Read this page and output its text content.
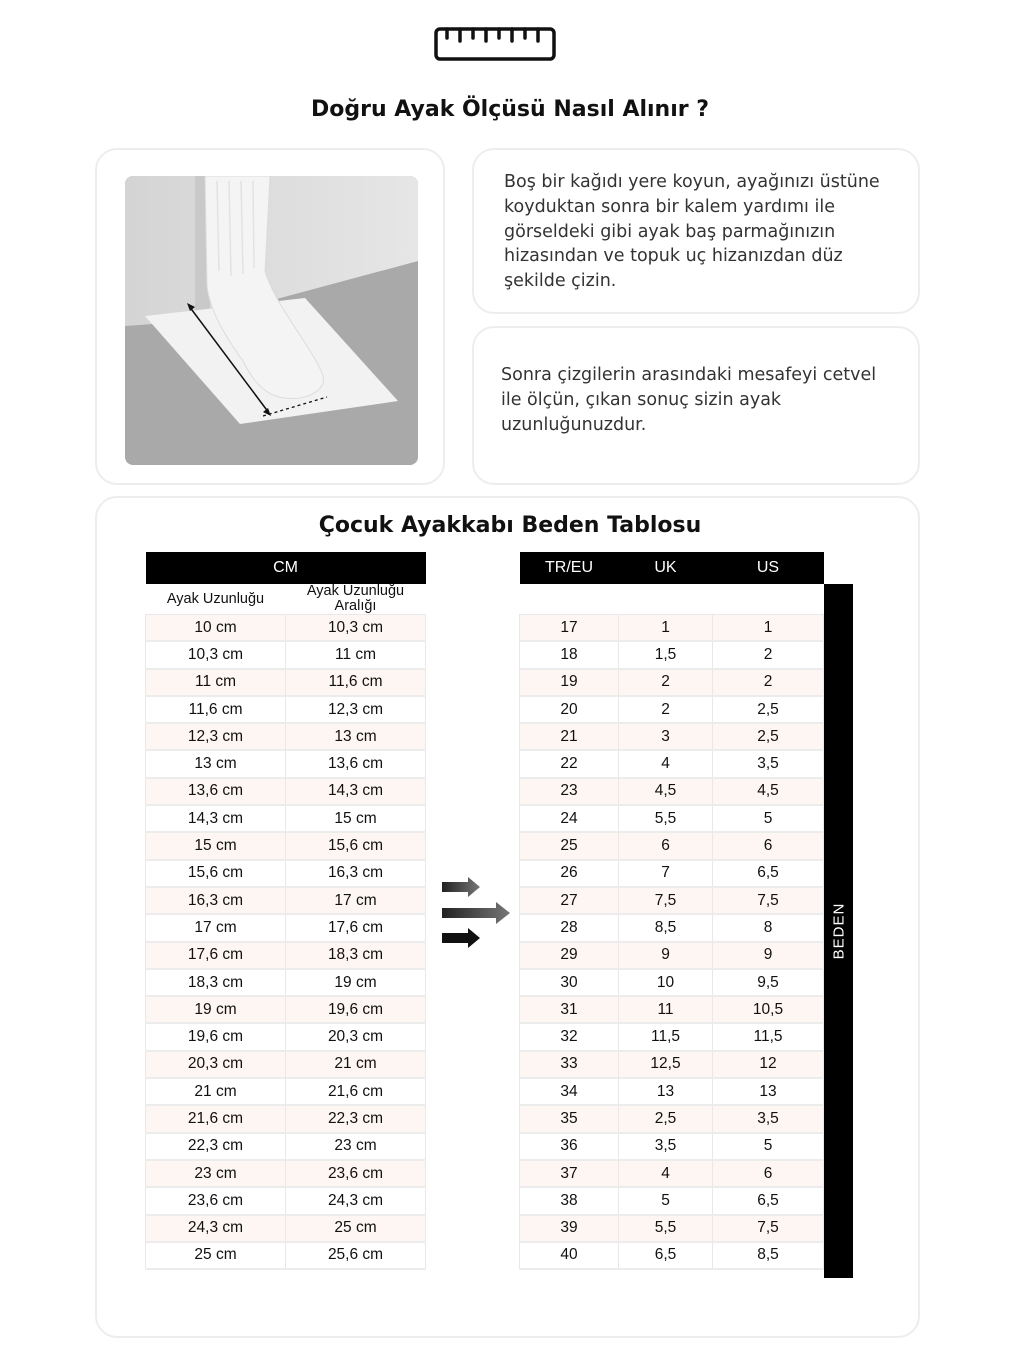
Doğru Ayak Ölçüsü Nasıl Alınır ?
Boş bir kağıdı yere koyun, ayağınızı üstüne koyduktan sonra bir kalem yardımı ile görseldeki gibi ayak baş parmağınızın hizasından ve topuk uç hizanızdan düz şekilde çizin.
Sonra çizgilerin arasındaki mesafeyi cetvel ile ölçün, çıkan sonuç sizin ayak uzunluğunuzdur.
Çocuk Ayakkabı Beden Tablosu
CM	
Ayak Uzunluğu	Ayak Uzunluğu Aralığı
10 cm	10,3 cm
10,3 cm	11 cm
11 cm	11,6 cm
11,6 cm	12,3 cm
12,3 cm	13 cm
13 cm	13,6 cm
13,6 cm	14,3 cm
14,3 cm	15 cm
15 cm	15,6 cm
15,6 cm	16,3 cm
16,3 cm	17 cm
17 cm	17,6 cm
17,6 cm	18,3 cm
18,3 cm	19 cm
19 cm	19,6 cm
19,6 cm	20,3 cm
20,3 cm	21 cm
21 cm	21,6 cm
21,6 cm	22,3 cm
22,3 cm	23 cm
23 cm	23,6 cm
23,6 cm	24,3 cm
24,3 cm	25 cm
25 cm	25,6 cm
TR/EU	UK	US

17	1	1
18	1,5	2
19	2	2
20	2	2,5
21	3	2,5
22	4	3,5
23	4,5	4,5
24	5,5	5
25	6	6
26	7	6,5
27	7,5	7,5
28	8,5	8
29	9	9
30	10	9,5
31	11	10,5
32	11,5	11,5
33	12,5	12
34	13	13
35	2,5	3,5
36	3,5	5
37	4	6
38	5	6,5
39	5,5	7,5
40	6,5	8,5
BEDEN
